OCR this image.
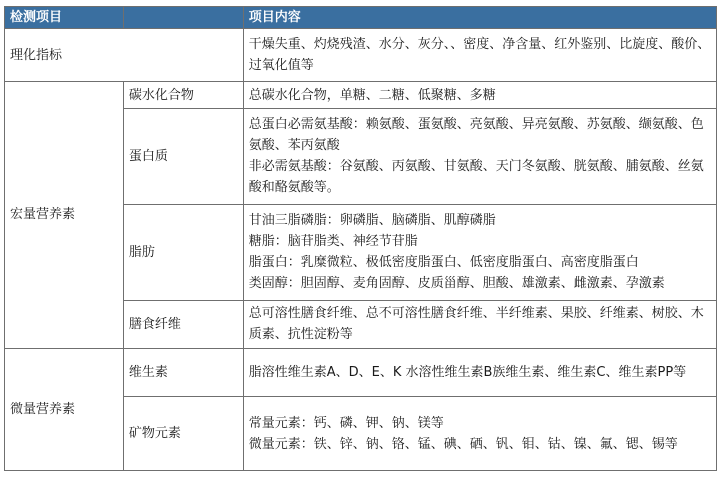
检测项目		项目内容
理化指标		干燥失重、灼烧残渣、水分、灰分、、密度、净含量、红外鉴别、比旋度、酸价、过氧化值等
宏量营养素	碳水化合物	总碳水化合物，单糖、二糖、低聚糖、多糖
	蛋白质	总蛋白必需氨基酸：赖氨酸、蛋氨酸、亮氨酸、异亮氨酸、苏氨酸、缬氨酸、色氨酸、苯丙氨酸
非必需氨基酸：谷氨酸、丙氨酸、甘氨酸、天门冬氨酸、胱氨酸、脯氨酸、丝氨酸和酪氨酸等。

	脂肪	甘油三脂磷脂：卵磷脂、脑磷脂、肌醇磷脂
糖脂：脑苷脂类、神经节苷脂
脂蛋白：乳糜微粒、极低密度脂蛋白、低密度脂蛋白、高密度脂蛋白
类固醇：胆固醇、麦角固醇、皮质甾醇、胆酸、雄激素、雌激素、孕激素

	膳食纤维	总可溶性膳食纤维、总不可溶性膳食纤维、半纤维素、果胶、纤维素、树胶、木质素、抗性淀粉等
微量营养素	维生素	脂溶性维生素A、D、E、K 水溶性维生素B族维生素、维生素C、维生素PP等
	矿物元素	常量元素：钙、磷、钾、钠、镁等
微量元素：铁、锌、钠、铬、锰、碘、硒、钒、钼、钴、镍、氟、锶、锡等
